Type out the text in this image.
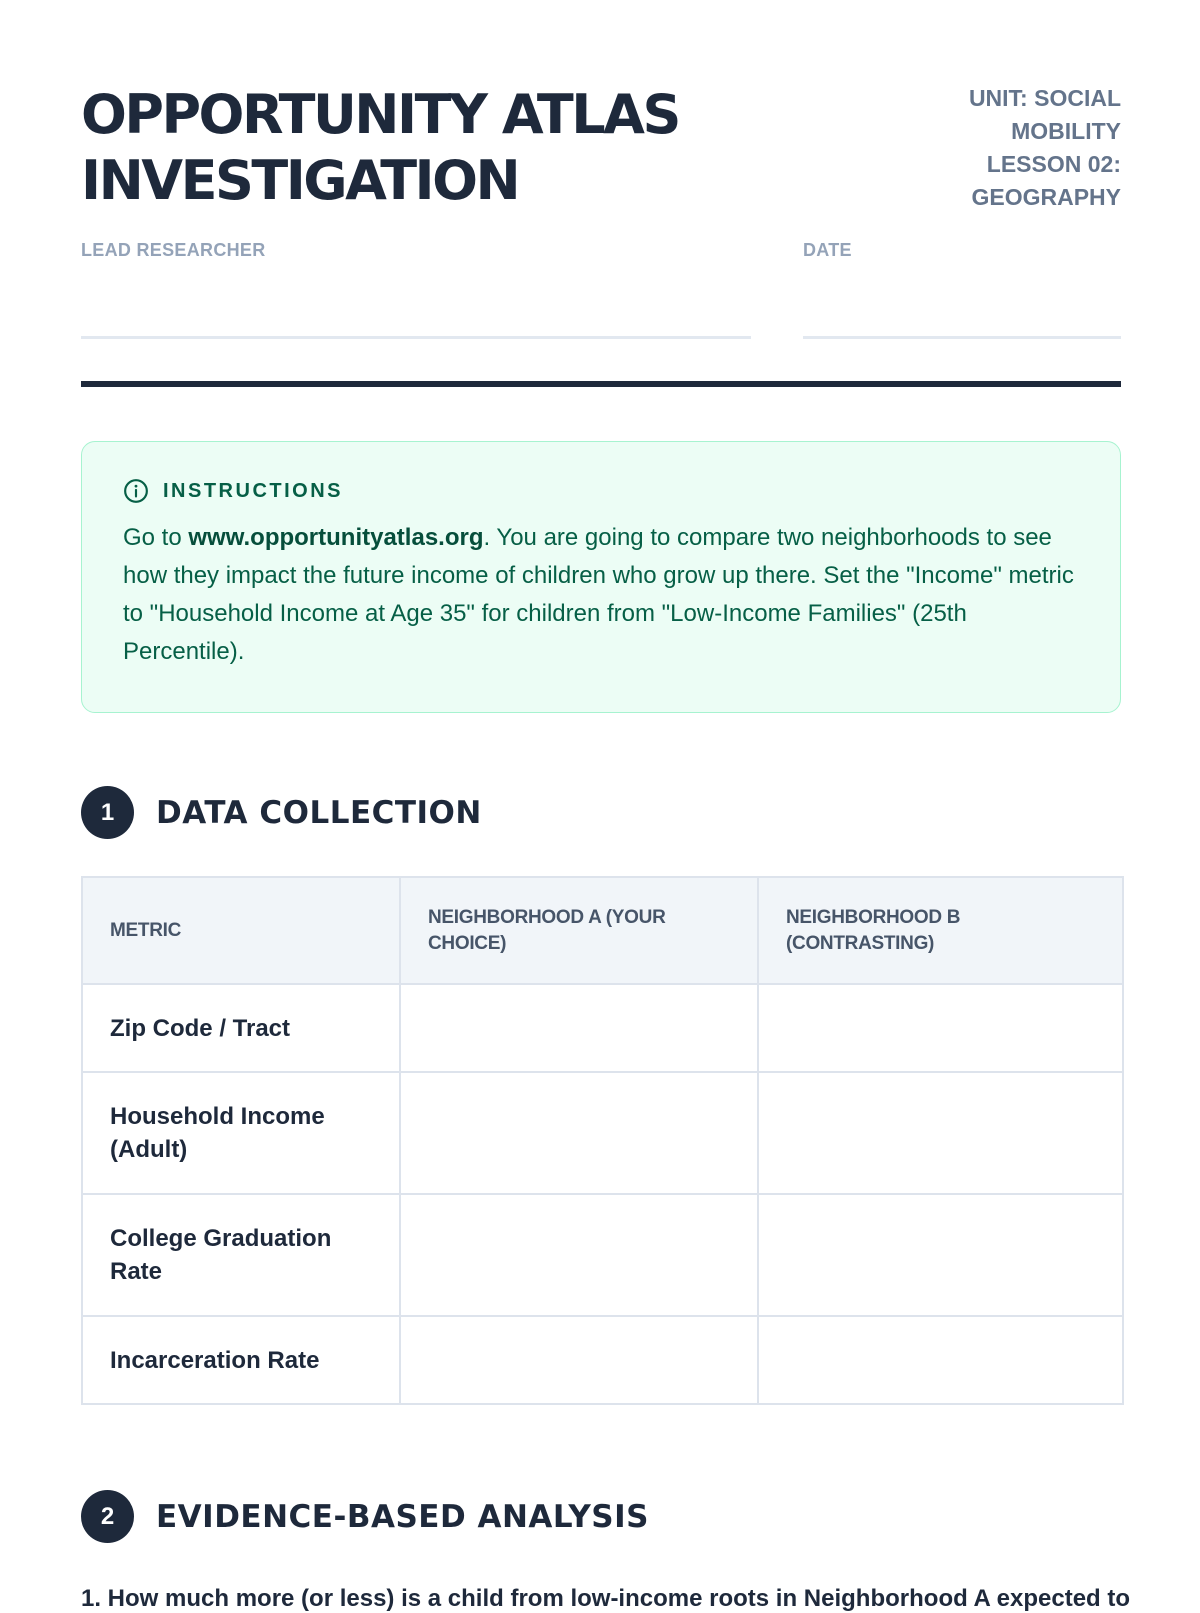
OPPORTUNITY ATLAS INVESTIGATION
UNIT: SOCIAL MOBILITY
LESSON 02: GEOGRAPHY
LEAD RESEARCHER	DATE
INSTRUCTIONS
Go to www.opportunityatlas.org. You are going to compare two neighborhoods to see how they impact the future income of children who grow up there. Set the "Income" metric to "Household Income at Age 35" for children from "Low-Income Families" (25th Percentile).
1	DATA COLLECTION
METRIC	NEIGHBORHOOD A (YOUR CHOICE)	NEIGHBORHOOD B (CONTRASTING)
Zip Code / Tract		
Household Income (Adult)		
College Graduation Rate		
Incarceration Rate		
2	EVIDENCE-BASED ANALYSIS
1. How much more (or less) is a child from low-income roots in Neighborhood A expected to
